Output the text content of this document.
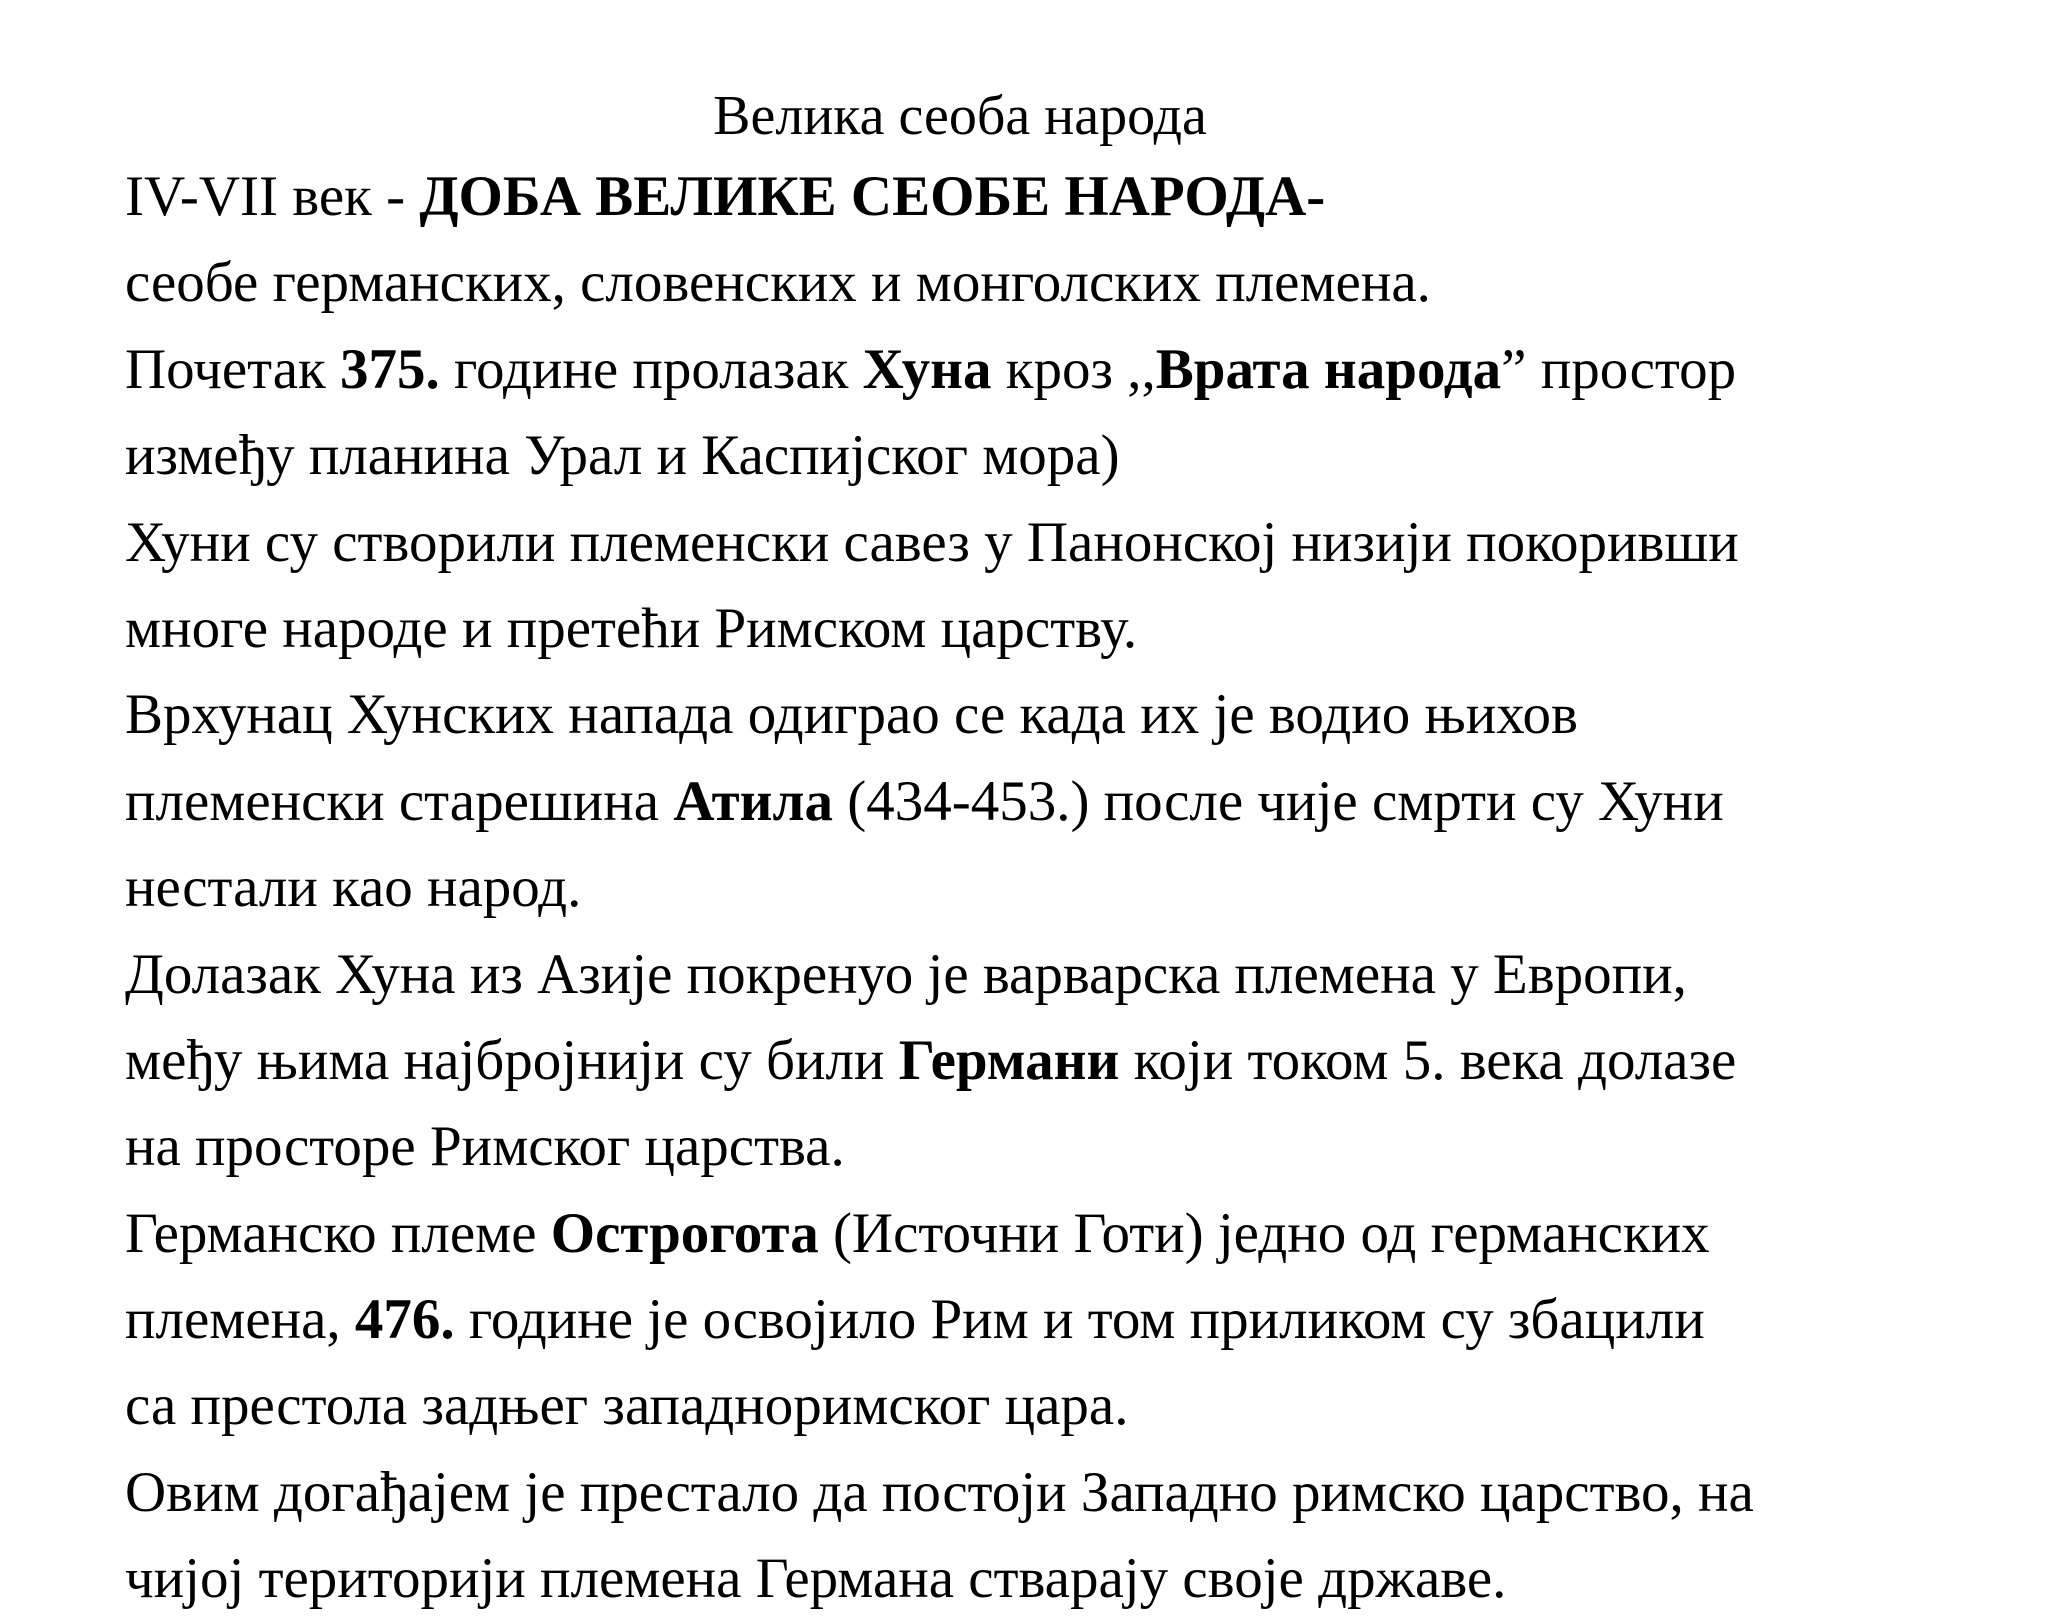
Велика сеоба народа
IV-VII век - ДОБА ВЕЛИКЕ СЕОБЕ НАРОДА-
сеобе германских, словенских и монголских племена.
Почетак 375. године пролазак Хуна кроз ,,Врата народа” простор
између планина Урал и Каспијског мора)
Хуни су створили племенски савез у Панонској низији покоривши
многе народе и претећи Римском царству.
Врхунац Хунских напада одиграо се када их је водио њихов
племенски старешина Атила (434-453.) после чије смрти су Хуни
нестали као народ.
Долазак Хуна из Азије покренуо је варварска племена у Европи,
међу њима најбројнији су били Германи који током 5. века долазе
на просторе Римског царства.
Германско племе Острогота (Источни Готи) једно од германских
племена, 476. године је освојило Рим и том приликом су збацили
са престола задњег западноримског цара.
Овим догађајем је престало да постоји Западно римско царство, на
чијој територији племена Германа стварају своје државе.
